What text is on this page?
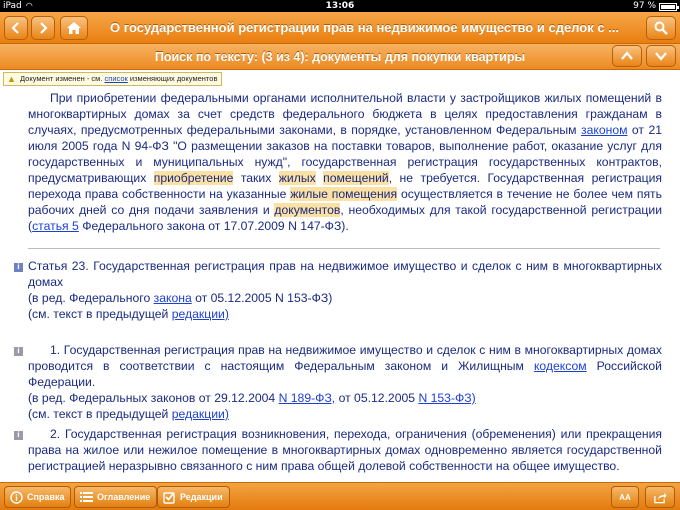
iPad ◠	13:06	97 %
О государственной регистрации прав на недвижимое имущество и сделок с ...
Поиск по тексту: (3 из 4): документы для покупки квартиры
▲ Документ изменен - см. список изменяющих документов

При приобретении федеральными органами исполнительной власти у застройщиков жилых помещений в многоквартирных домах за счет средств федерального бюджета в целях предоставления гражданам в случаях, предусмотренных федеральными законами, в порядке, установленном Федеральным законом от 21 июля 2005 года N 94-ФЗ "О размещении заказов на поставки товаров, выполнение работ, оказание услуг для государственных и муниципальных нужд", государственная регистрация государственных контрактов, предусматривающих приобретение таких жилых помещений, не требуется. Государственная регистрация перехода права собственности на указанные жилые помещения осуществляется в течение не более чем пять рабочих дней со дня подачи заявления и документов, необходимых для такой государственной регистрации (статья 5 Федерального закона от 17.07.2009 N 147-ФЗ).

i Статья 23. Государственная регистрация прав на недвижимое имущество и сделок с ним в многоквартирных домах

(в ред. Федерального закона от 05.12.2005 N 153-ФЗ)

(см. текст в предыдущей редакции)

i	1. Государственная регистрация прав на недвижимое имущество и сделок с ним в многоквартирных домах проводится в соответствии с настоящим Федеральным законом и Жилищным кодексом Российской Федерации.

(в ред. Федеральных законов от 29.12.2004 N 189-ФЗ, от 05.12.2005 N 153-ФЗ)

(см. текст в предыдущей редакции)

i	2. Государственная регистрация возникновения, перехода, ограничения (обременения) или прекращения права на жилое или нежилое помещение в многоквартирных домах одновременно является государственной регистрацией неразрывно связанного с ним права общей долевой собственности на общее имущество.

Справка	Оглавление	Редакции	AA
